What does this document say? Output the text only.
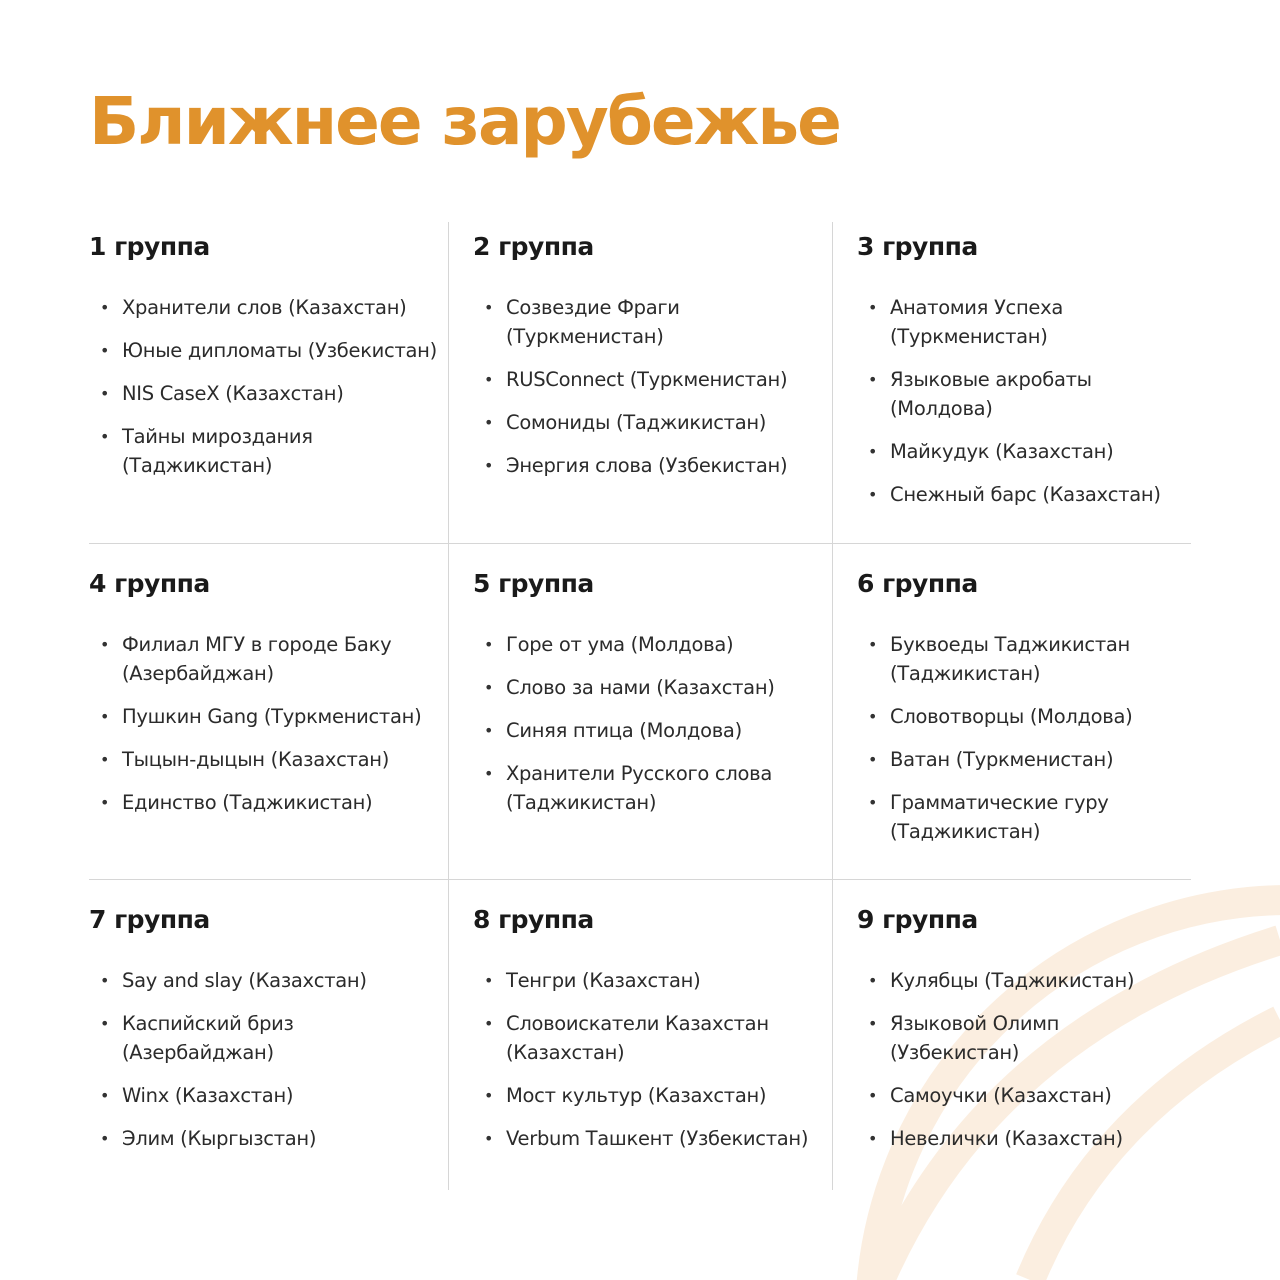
Ближнее зарубежье
1 группа
• Хранители слов (Казахстан)
• Юные дипломаты (Узбекистан)
• NIS CaseX (Казахстан)
• Тайны мироздания (Таджикистан)
2 группа
• Созвездие Фраги (Туркменистан)
• RUSConnect (Туркменистан)
• Сомониды (Таджикистан)
• Энергия слова (Узбекистан)
3 группа
• Анатомия Успеха (Туркменистан)
• Языковые акробаты (Молдова)
• Майкудук (Казахстан)
• Снежный барс (Казахстан)
4 группа
• Филиал МГУ в городе Баку (Азербайджан)
• Пушкин Gang (Туркменистан)
• Тыцын-дыцын (Казахстан)
• Единство (Таджикистан)
5 группа
• Горе от ума (Молдова)
• Слово за нами (Казахстан)
• Синяя птица (Молдова)
• Хранители Русского слова (Таджикистан)
6 группа
• Буквоеды Таджикистан (Таджикистан)
• Словотворцы (Молдова)
• Ватан (Туркменистан)
• Грамматические гуру (Таджикистан)
7 группа
• Say and slay (Казахстан)
• Каспийский бриз (Азербайджан)
• Winx (Казахстан)
• Элим (Кыргызстан)
8 группа
• Тенгри (Казахстан)
• Словоискатели Казахстан (Казахстан)
• Мост культур (Казахстан)
• Verbum Ташкент (Узбекистан)
9 группа
• Кулябцы (Таджикистан)
• Языковой Олимп (Узбекистан)
• Самоучки (Казахстан)
• Невелички (Казахстан)
